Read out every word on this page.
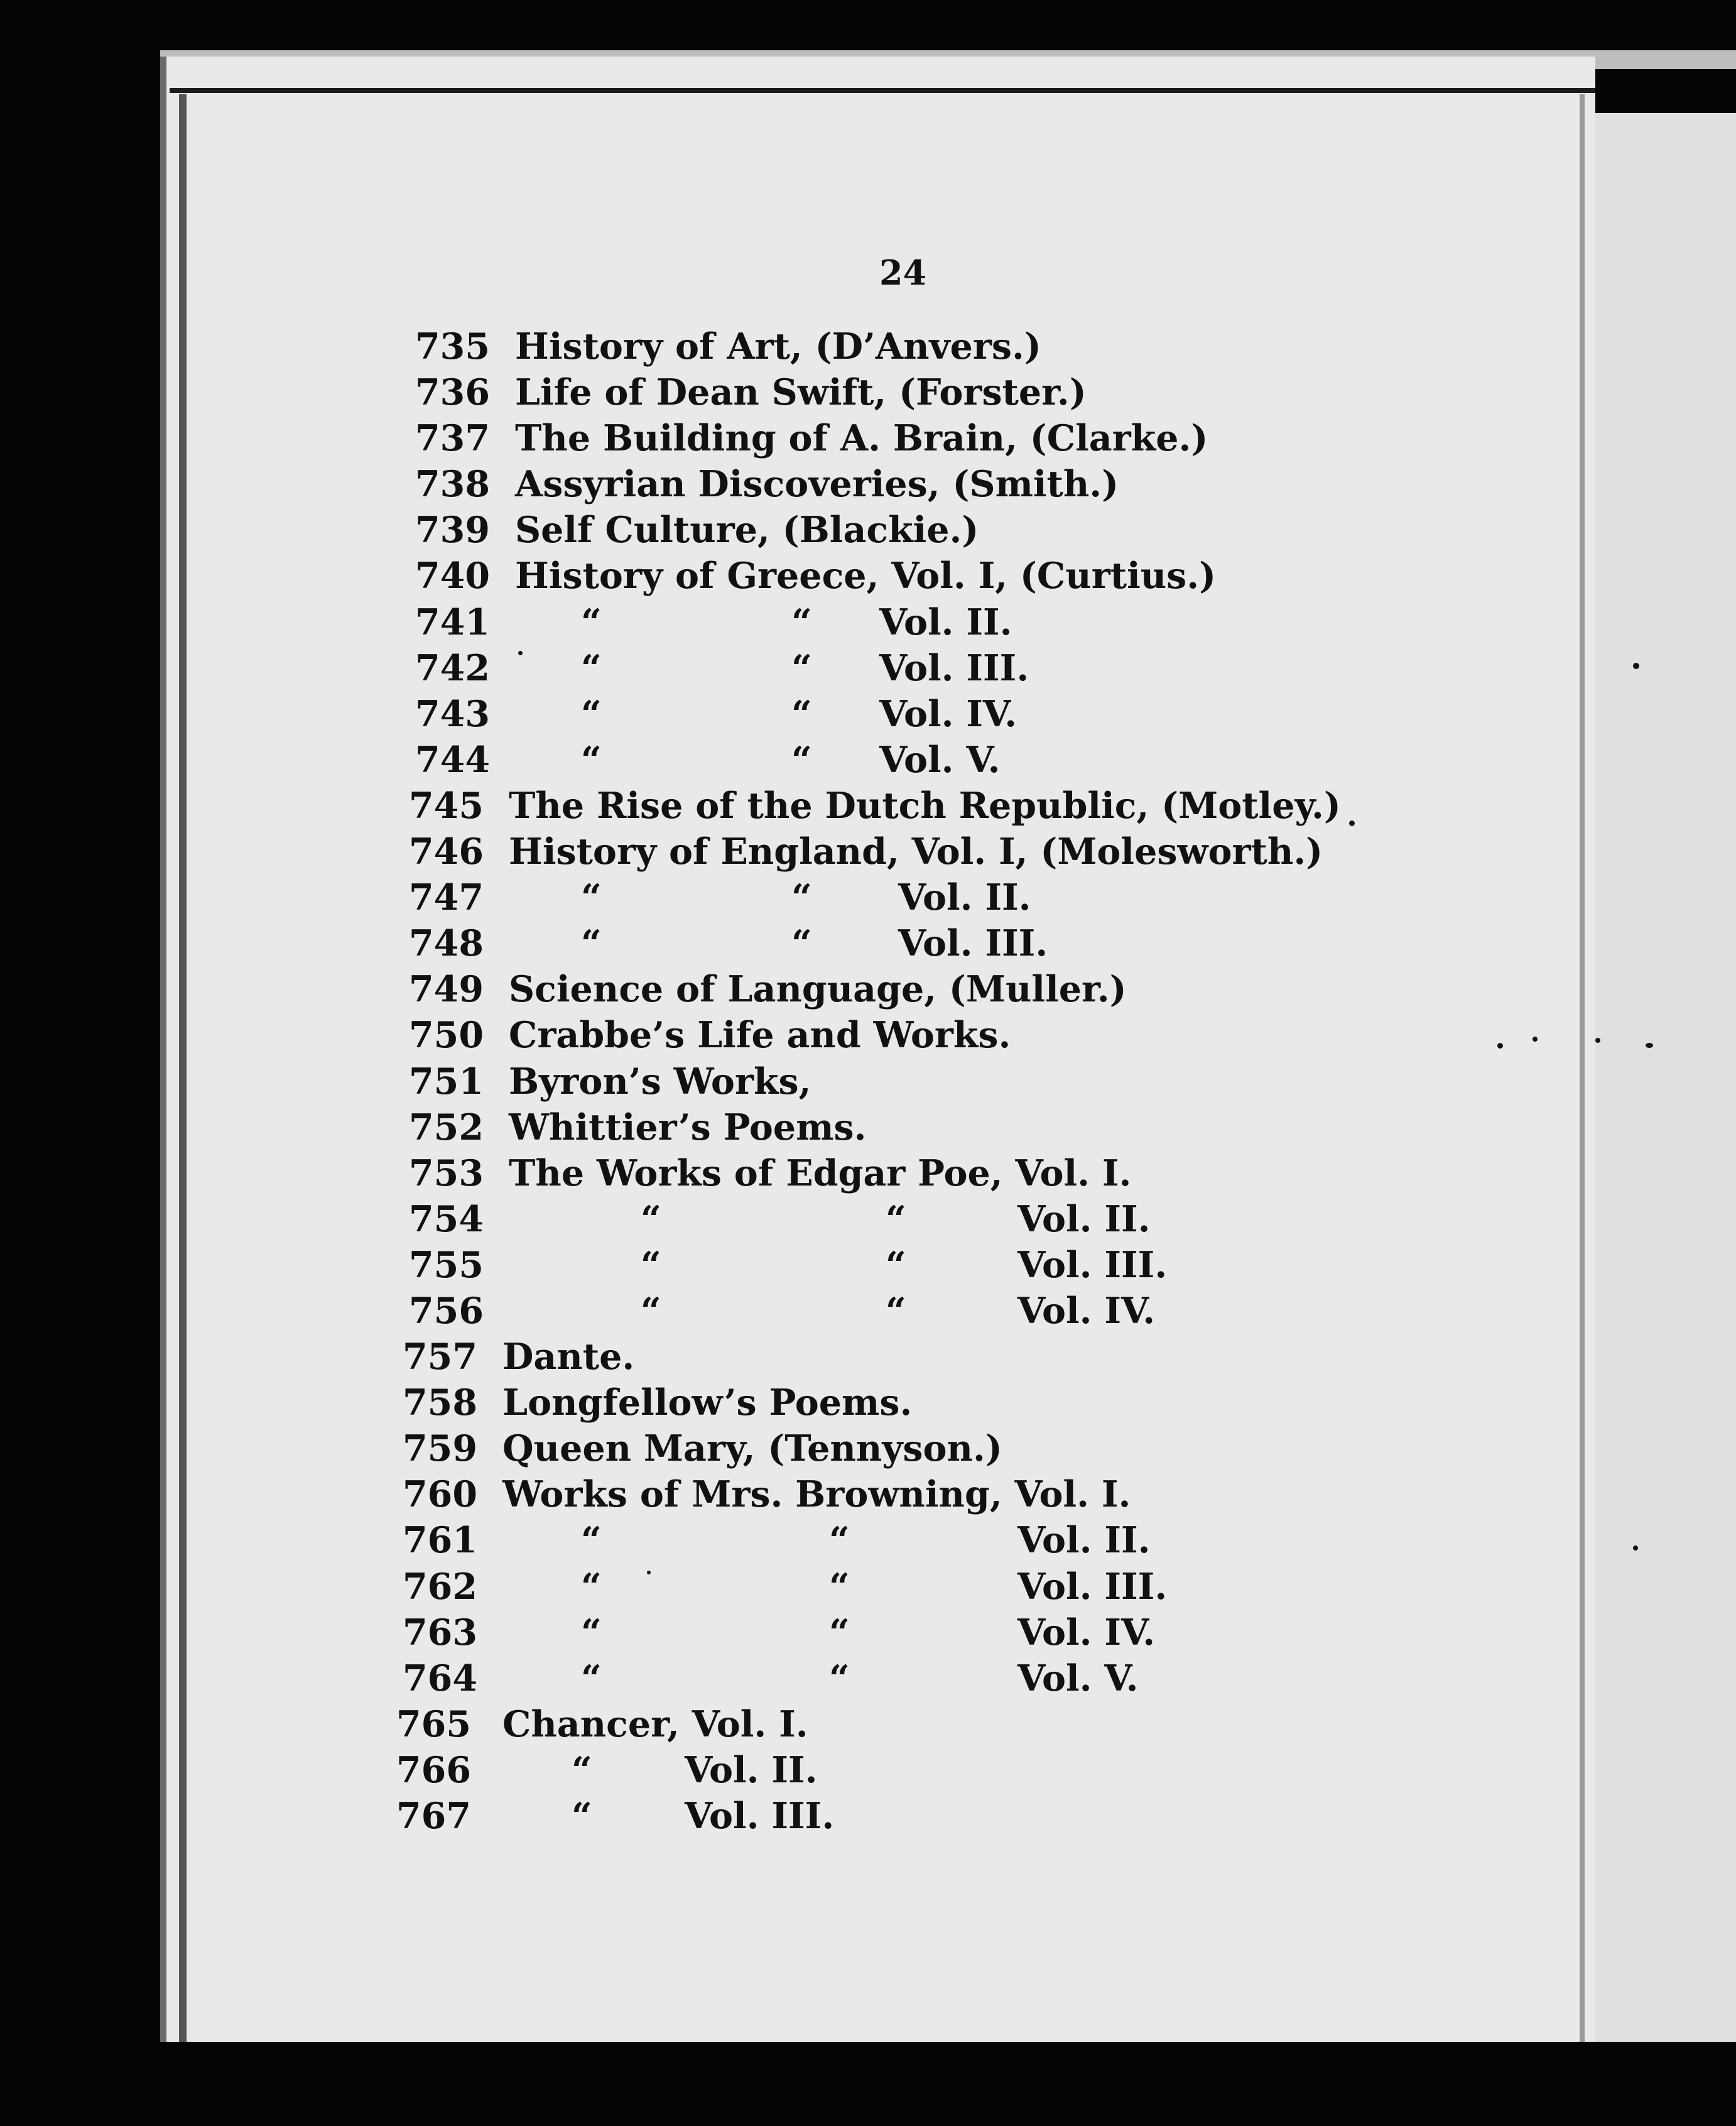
24
735 History of Art, (D’Anvers.)
736 Life of Dean Swift, (Forster.)
737 The Building of A. Brain, (Clarke.)
738 Assyrian Discoveries, (Smith.)
739 Self Culture, (Blackie.)
740 History of Greece, Vol. I, (Curtius.)
741	“	“ Vol. II.
742	“	“ Vol. III.
743	“	“ Vol. IV.
744	“	“ Vol. V.
745 The Rise of the Dutch Republic, (Motley.)
746 History of England, Vol. I, (Molesworth.)
747	“	“ Vol. II.
748	“	“ Vol. III.
749 Science of Language, (Muller.)
750 Crabbe’s Life and Works.
751 Byron’s Works,
752 Whittier’s Poems.
753 The Works of Edgar Poe, Vol. I.
754	“	“	Vol. II.
755	“	“	Vol. III.
756	“	“	Vol. IV.
757 Dante.
758 Longfellow’s Poems.
759 Queen Mary, (Tennyson.)
760 Works of Mrs. Browning, Vol. I.
761	“	“	Vol. II.
762	“	“	Vol. III.
763	“	“	Vol. IV.
764	“	“	Vol. V.
765 Chancer, Vol. I.
766	“	Vol. II.
767	“	Vol. III.
